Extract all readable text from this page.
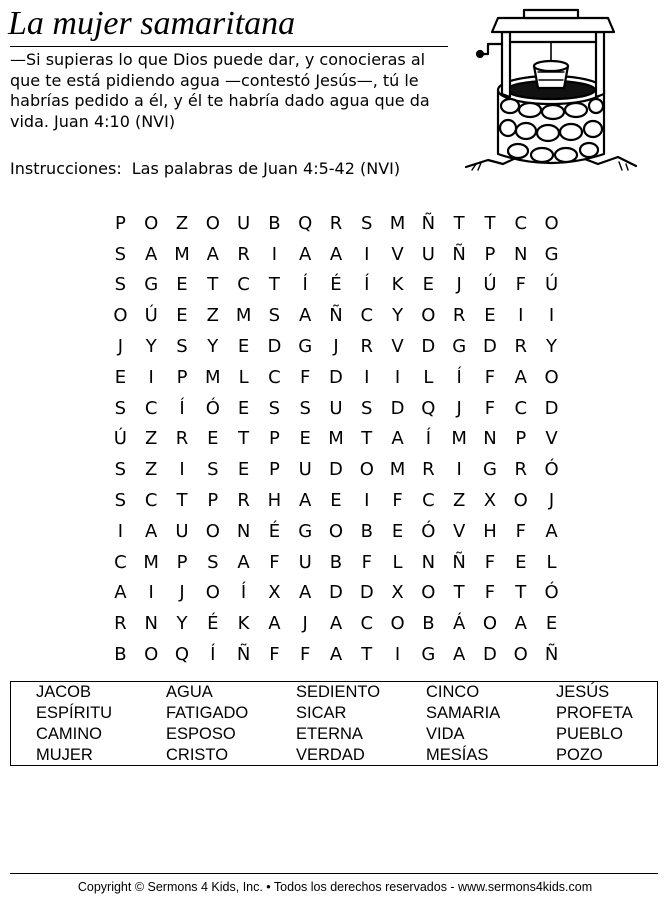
La mujer samaritana

—Si supieras lo que Dios puede dar, y conocieras al que te está pidiendo agua —contestó Jesús—, tú le habrías pedido a él, y él te habría dado agua que da vida. Juan 4:10 (NVI)

Instrucciones: Las palabras de Juan 4:5-42 (NVI)

P	O Z O U	B Q R	S M Ñ	T	T	C O
S	A M A	R	I	A	A	I	V	U Ñ	P	N G
S	G	E	T	C	T	Í	É	Í	K	E	J	Ú	F	Ú
O Ú	E	Z M S	A Ñ C	Y	O R	E	I	I
J	Y	S	Y	E	D G	J	R	V D G D R	Y
E	I	P M	L	C	F	D	I	I	L	Í	F	A O
S	C	Í	Ó	E	S	S	U	S	D Q	J	F	C D
Ú	Z	R	E	T	P	E M T	A	Í	M N	P	V
S	Z	I	S	E	P	U D O M R	I	G R Ó
S	C	T	P	R H A	E	I	F	C	Z	X O	J
I	A	U O N	É	G O B	E	Ó V H	F	A
C M P	S	A	F	U	B	F	L	N Ñ	F	E	L
A	I	J	O	Í	X	A D D X O	T	F	T	Ó
R N	Y	É	K	A	J	A	C O B	Á O A	E
B O Q	Í	Ñ	F	F	A	T	I	G A D O Ñ
JACOB	AGUA	SEDIENTO	CINCO	JESÚS
ESPÍRITU	FATIGADO	SICAR	SAMARIA	PROFETA
CAMINO	ESPOSO	ETERNA	VIDA	PUEBLO
MUJER	CRISTO	VERDAD	MESÍAS	POZO
Copyright © Sermons 4 Kids, Inc. • Todos los derechos reservados - www.sermons4kids.com
